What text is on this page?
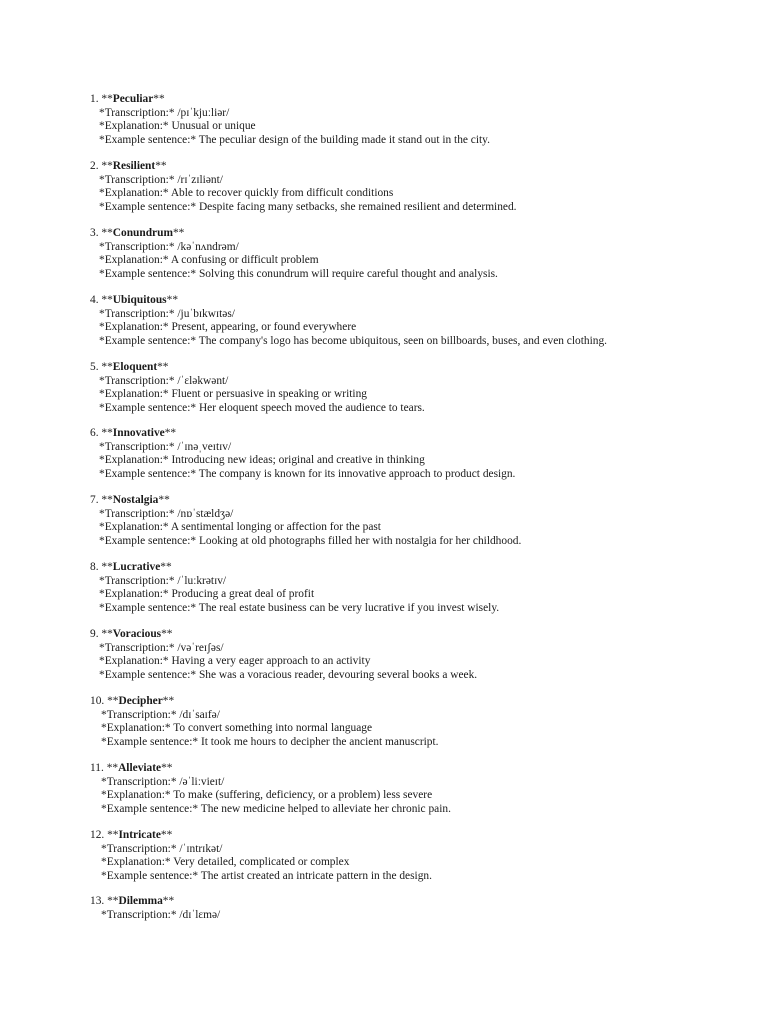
1. **Peculiar**
*Transcription:* /pɪˈkjuːliər/
*Explanation:* Unusual or unique
*Example sentence:* The peculiar design of the building made it stand out in the city.
2. **Resilient**
*Transcription:* /rɪˈzɪliənt/
*Explanation:* Able to recover quickly from difficult conditions
*Example sentence:* Despite facing many setbacks, she remained resilient and determined.
3. **Conundrum**
*Transcription:* /kəˈnʌndrəm/
*Explanation:* A confusing or difficult problem
*Example sentence:* Solving this conundrum will require careful thought and analysis.
4. **Ubiquitous**
*Transcription:* /juˈbɪkwɪtəs/
*Explanation:* Present, appearing, or found everywhere
*Example sentence:* The company's logo has become ubiquitous, seen on billboards, buses, and even clothing.
5. **Eloquent**
*Transcription:* /ˈɛləkwənt/
*Explanation:* Fluent or persuasive in speaking or writing
*Example sentence:* Her eloquent speech moved the audience to tears.
6. **Innovative**
*Transcription:* /ˈɪnəˌveɪtɪv/
*Explanation:* Introducing new ideas; original and creative in thinking
*Example sentence:* The company is known for its innovative approach to product design.
7. **Nostalgia**
*Transcription:* /nɒˈstældʒə/
*Explanation:* A sentimental longing or affection for the past
*Example sentence:* Looking at old photographs filled her with nostalgia for her childhood.
8. **Lucrative**
*Transcription:* /ˈluːkrətɪv/
*Explanation:* Producing a great deal of profit
*Example sentence:* The real estate business can be very lucrative if you invest wisely.
9. **Voracious**
*Transcription:* /vəˈreɪʃəs/
*Explanation:* Having a very eager approach to an activity
*Example sentence:* She was a voracious reader, devouring several books a week.
10. **Decipher**
*Transcription:* /dɪˈsaɪfə/
*Explanation:* To convert something into normal language
*Example sentence:* It took me hours to decipher the ancient manuscript.
11. **Alleviate**
*Transcription:* /əˈliːvieɪt/
*Explanation:* To make (suffering, deficiency, or a problem) less severe
*Example sentence:* The new medicine helped to alleviate her chronic pain.
12. **Intricate**
*Transcription:* /ˈɪntrɪkət/
*Explanation:* Very detailed, complicated or complex
*Example sentence:* The artist created an intricate pattern in the design.
13. **Dilemma**
*Transcription:* /dɪˈlɛmə/
